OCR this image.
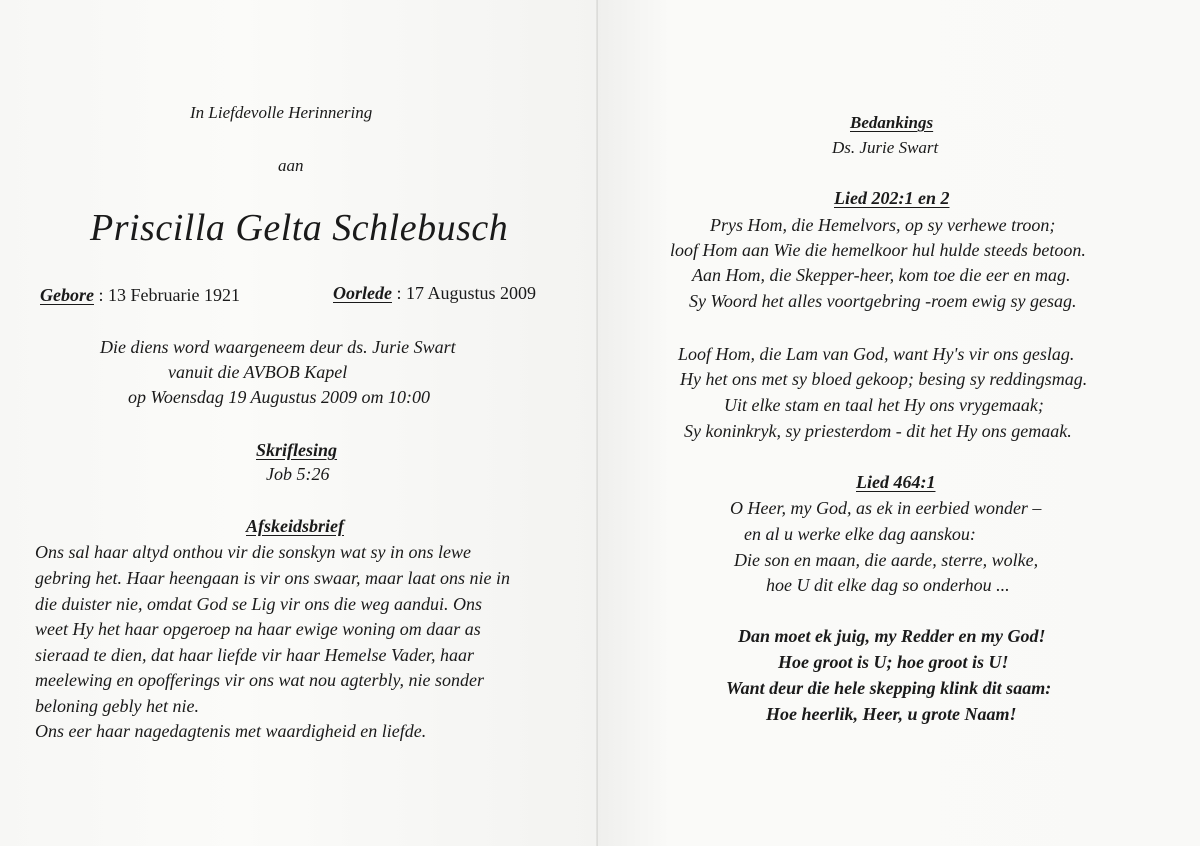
In Liefdevolle Herinnering
aan
Priscilla Gelta Schlebusch
Gebore : 13 Februarie 1921	Oorlede : 17 Augustus 2009
Die diens word waargeneem deur ds. Jurie Swart
vanuit die AVBOB Kapel
op Woensdag 19 Augustus 2009 om 10:00
Skriflesing
Job 5:26
Afskeidsbrief
Ons sal haar altyd onthou vir die sonskyn wat sy in ons lewe
gebring het. Haar heengaan is vir ons swaar, maar laat ons nie in
die duister nie, omdat God se Lig vir ons die weg aandui. Ons
weet Hy het haar opgeroep na haar ewige woning om daar as
sieraad te dien, dat haar liefde vir haar Hemelse Vader, haar
meelewing en opofferings vir ons wat nou agterbly, nie sonder
beloning gebly het nie.
Ons eer haar nagedagtenis met waardigheid en liefde.
Bedankings
Ds. Jurie Swart
Lied 202:1 en 2
Prys Hom, die Hemelvors, op sy verhewe troon;
loof Hom aan Wie die hemelkoor hul hulde steeds betoon.
Aan Hom, die Skepper-heer, kom toe die eer en mag.
Sy Woord het alles voortgebring -roem ewig sy gesag.
Loof Hom, die Lam van God, want Hy's vir ons geslag.
Hy het ons met sy bloed gekoop; besing sy reddingsmag.
Uit elke stam en taal het Hy ons vrygemaak;
Sy koninkryk, sy priesterdom - dit het Hy ons gemaak.
Lied 464:1
O Heer, my God, as ek in eerbied wonder –
en al u werke elke dag aanskou:
Die son en maan, die aarde, sterre, wolke,
hoe U dit elke dag so onderhou ...
Dan moet ek juig, my Redder en my God!
Hoe groot is U; hoe groot is U!
Want deur die hele skepping klink dit saam:
Hoe heerlik, Heer, u grote Naam!
